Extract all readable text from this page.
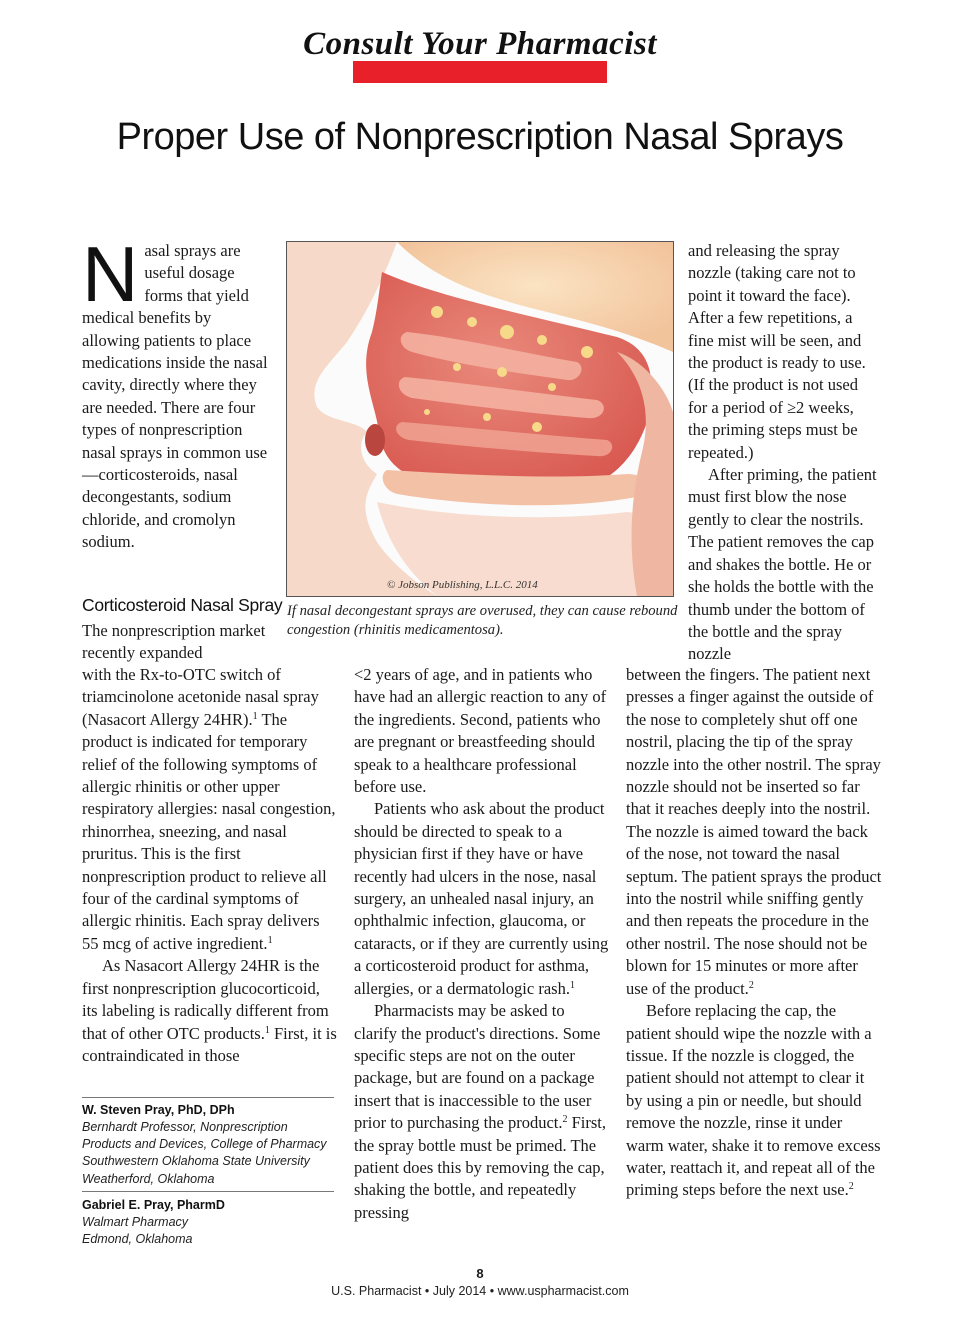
Consult Your Pharmacist
Proper Use of Nonprescription Nasal Sprays

Nasal sprays are useful dosage forms that yield medical benefits by allowing patients to place medications inside the nasal cavity, directly where they are needed. There are four types of nonprescription nasal sprays in common use—corticosteroids, nasal decongestants, sodium chloride, and cromolyn sodium.

Corticosteroid Nasal Spray

The nonprescription market recently expanded

with the Rx-to-OTC switch of triamcinolone acetonide nasal spray (Nasacort Allergy 24HR).$^1$ The product is indicated for temporary relief of the following symptoms of allergic rhinitis or other upper respiratory allergies: nasal congestion, rhinorrhea, sneezing, and nasal pruritus. This is the first nonprescription product to relieve all four of the cardinal symptoms of allergic rhinitis. Each spray delivers 55 mcg of active ingredient.$^1$

As Nasacort Allergy 24HR is the first nonprescription glucocorticoid, its labeling is radically different from that of other OTC products.$^1$ First, it is contraindicated in those

© Jobson Publishing, L.L.C. 2014
If nasal decongestant sprays are overused, they can cause rebound congestion (rhinitis medicamentosa).

<2 years of age, and in patients who have had an allergic reaction to any of the ingredients. Second, patients who are pregnant or breastfeeding should speak to a healthcare professional before use.

Patients who ask about the product should be directed to speak to a physician first if they have or have recently had ulcers in the nose, nasal surgery, an unhealed nasal injury, an ophthalmic infection, glaucoma, or cataracts, or if they are currently using a corticosteroid product for asthma, allergies, or a dermatologic rash.$^1$

Pharmacists may be asked to clarify the product's directions. Some specific steps are not on the outer package, but are found on a package insert that is inaccessible to the user prior to purchasing the product.$^2$ First, the spray bottle must be primed. The patient does this by removing the cap, shaking the bottle, and repeatedly pressing

and releasing the spray nozzle (taking care not to point it toward the face). After a few repetitions, a fine mist will be seen, and the product is ready to use. (If the product is not used for a period of ≥2 weeks, the priming steps must be repeated.)

After priming, the patient must first blow the nose gently to clear the nostrils. The patient removes the cap and shakes the bottle. He or she holds the bottle with the thumb under the bottom of the bottle and the spray nozzle

between the fingers. The patient next presses a finger against the outside of the nose to completely shut off one nostril, placing the tip of the spray nozzle into the other nostril. The spray nozzle should not be inserted so far that it reaches deeply into the nostril. The nozzle is aimed toward the back of the nose, not toward the nasal septum. The patient sprays the product into the nostril while sniffing gently and then repeats the procedure in the other nostril. The nose should not be blown for 15 minutes or more after use of the product.$^2$

Before replacing the cap, the patient should wipe the nozzle with a tissue. If the nozzle is clogged, the patient should not attempt to clear it by using a pin or needle, but should remove the nozzle, rinse it under warm water, shake it to remove excess water, reattach it, and repeat all of the priming steps before the next use.$^2$

W. Steven Pray, PhD, DPh
Bernhardt Professor, Nonprescription
Products and Devices, College of Pharmacy
Southwestern Oklahoma State University
Weatherford, Oklahoma
Gabriel E. Pray, PharmD
Walmart Pharmacy
Edmond, Oklahoma
8
U.S. Pharmacist • July 2014 • www.uspharmacist.com
